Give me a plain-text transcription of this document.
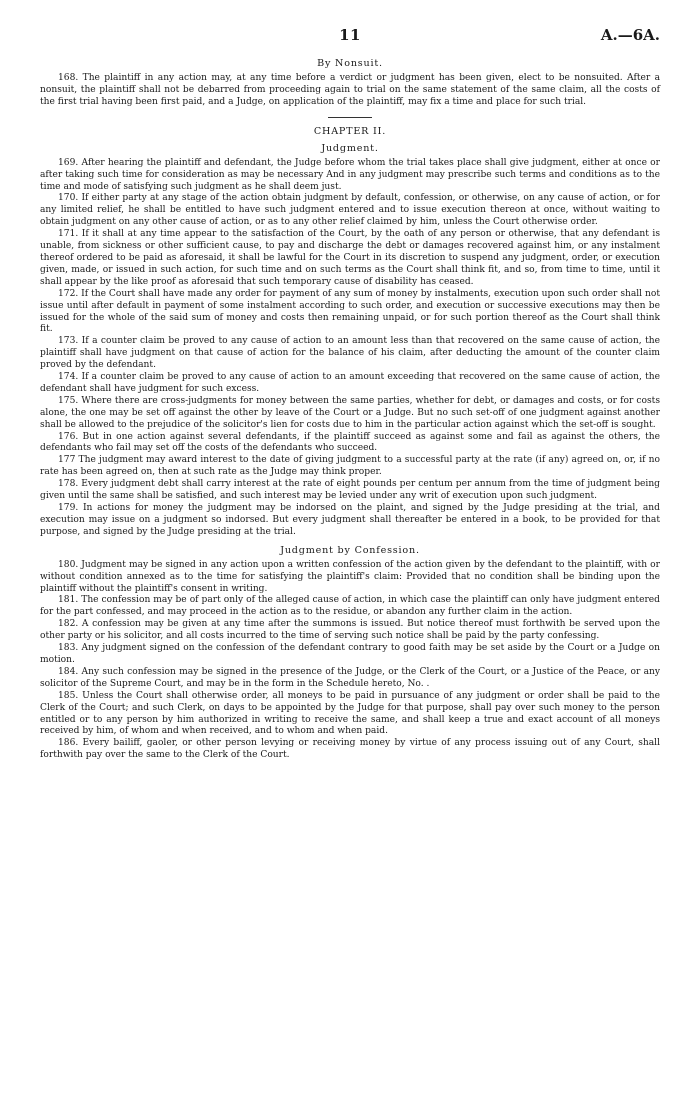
11	A.—6A.
By Nonsuit.

168. The plaintiff in any action may, at any time before a verdict or judgment has been given, elect to be nonsuited. After a nonsuit, the plaintiff shall not be debarred from proceeding again to trial on the same statement of the same claim, all the costs of the first trial having been first paid, and a Judge, on application of the plaintiff, may fix a time and place for such trial.

CHAPTER II.
Judgment.

169. After hearing the plaintiff and defendant, the Judge before whom the trial takes place shall give judgment, either at once or after taking such time for consideration as may be necessary And in any judgment may prescribe such terms and conditions as to the time and mode of satisfying such judgment as he shall deem just.

170. If either party at any stage of the action obtain judgment by default, confession, or otherwise, on any cause of action, or for any limited relief, he shall be entitled to have such judgment entered and to issue execution thereon at once, without waiting to obtain judgment on any other cause of action, or as to any other relief claimed by him, unless the Court otherwise order.

171. If it shall at any time appear to the satisfaction of the Court, by the oath of any person or otherwise, that any defendant is unable, from sickness or other sufficient cause, to pay and discharge the debt or damages recovered against him, or any instalment thereof ordered to be paid as aforesaid, it shall be lawful for the Court in its discretion to suspend any judgment, order, or execution given, made, or issued in such action, for such time and on such terms as the Court shall think fit, and so, from time to time, until it shall appear by the like proof as aforesaid that such temporary cause of disability has ceased.

172. If the Court shall have made any order for payment of any sum of money by instalments, execution upon such order shall not issue until after default in payment of some instalment according to such order, and execution or successive executions may then be issued for the whole of the said sum of money and costs then remaining unpaid, or for such portion thereof as the Court shall think fit.

173. If a counter claim be proved to any cause of action to an amount less than that recovered on the same cause of action, the plaintiff shall have judgment on that cause of action for the balance of his claim, after deducting the amount of the counter claim proved by the defendant.

174. If a counter claim be proved to any cause of action to an amount exceeding that recovered on the same cause of action, the defendant shall have judgment for such excess.

175. Where there are cross-judgments for money between the same parties, whether for debt, or damages and costs, or for costs alone, the one may be set off against the other by leave of the Court or a Judge. But no such set-off of one judgment against another shall be allowed to the prejudice of the solicitor's lien for costs due to him in the particular action against which the set-off is sought.

176. But in one action against several defendants, if the plaintiff succeed as against some and fail as against the others, the defendants who fail may set off the costs of the defendants who succeed.

177 The judgment may award interest to the date of giving judgment to a successful party at the rate (if any) agreed on, or, if no rate has been agreed on, then at such rate as the Judge may think proper.

178. Every judgment debt shall carry interest at the rate of eight pounds per centum per annum from the time of judgment being given until the same shall be satisfied, and such interest may be levied under any writ of execution upon such judgment.

179. In actions for money the judgment may be indorsed on the plaint, and signed by the Judge presiding at the trial, and execution may issue on a judgment so indorsed. But every judgment shall thereafter be entered in a book, to be provided for that purpose, and signed by the Judge presiding at the trial.

Judgment by Confession.

180. Judgment may be signed in any action upon a written confession of the action given by the defendant to the plaintiff, with or without condition annexed as to the time for satisfying the plaintiff's claim: Provided that no condition shall be binding upon the plaintiff without the plaintiff's consent in writing.

181. The confession may be of part only of the alleged cause of action, in which case the plaintiff can only have judgment entered for the part confessed, and may proceed in the action as to the residue, or abandon any further claim in the action.

182. A confession may be given at any time after the summons is issued. But notice thereof must forthwith be served upon the other party or his solicitor, and all costs incurred to the time of serving such notice shall be paid by the party confessing.

183. Any judgment signed on the confession of the defendant contrary to good faith may be set aside by the Court or a Judge on motion.

184. Any such confession may be signed in the presence of the Judge, or the Clerk of the Court, or a Justice of the Peace, or any solicitor of the Supreme Court, and may be in the form in the Schedule hereto, No. .

185. Unless the Court shall otherwise order, all moneys to be paid in pursuance of any judgment or order shall be paid to the Clerk of the Court; and such Clerk, on days to be appointed by the Judge for that purpose, shall pay over such money to the person entitled or to any person by him authorized in writing to receive the same, and shall keep a true and exact account of all moneys received by him, of whom and when received, and to whom and when paid.

186. Every bailiff, gaoler, or other person levying or receiving money by virtue of any process issuing out of any Court, shall forthwith pay over the same to the Clerk of the Court.
